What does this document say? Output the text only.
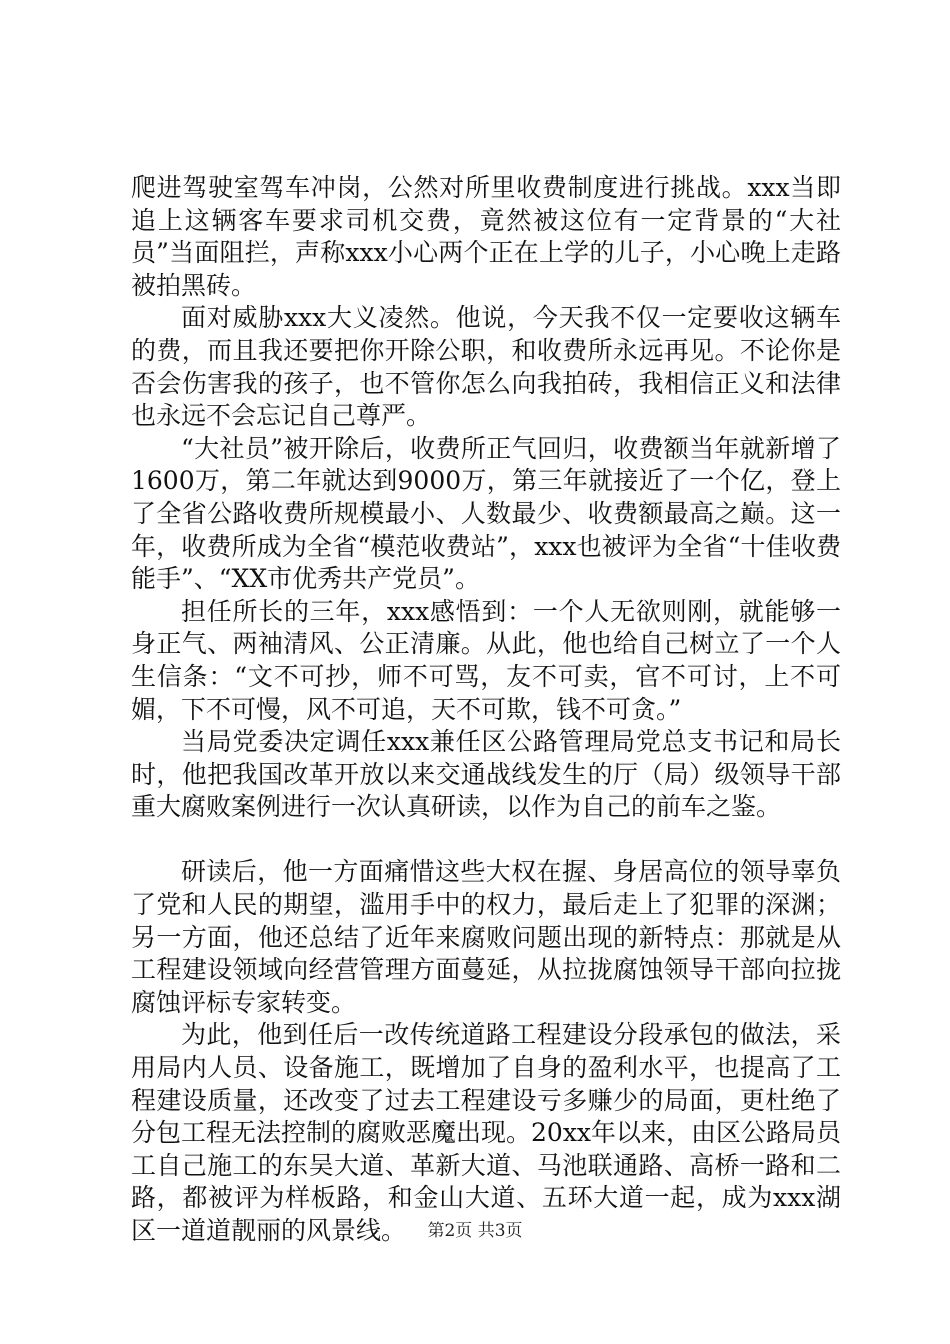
爬进驾驶室驾车冲岗，公然对所里收费制度进行挑战。xxx当即追上这辆客车要求司机交费，竟然被这位有一定背景的“大社员”当面阻拦，声称xxx小心两个正在上学的儿子，小心晚上走路被拍黑砖。

面对威胁xxx大义凌然。他说，今天我不仅一定要收这辆车的费，而且我还要把你开除公职，和收费所永远再见。不论你是否会伤害我的孩子，也不管你怎么向我拍砖，我相信正义和法律也永远不会忘记自己尊严。

“大社员”被开除后，收费所正气回归，收费额当年就新增了1600万，第二年就达到9000万，第三年就接近了一个亿，登上了全省公路收费所规模最小、人数最少、收费额最高之巅。这一年，收费所成为全省“模范收费站”，xxx也被评为全省“十佳收费能手”、“XX市优秀共产党员”。

担任所长的三年，xxx感悟到：一个人无欲则刚，就能够一身正气、两袖清风、公正清廉。从此，他也给自己树立了一个人生信条：“文不可抄，师不可骂，友不可卖，官不可讨，上不可媚，下不可慢，风不可追，天不可欺，钱不可贪。”

当局党委决定调任xxx兼任区公路管理局党总支书记和局长时，他把我国改革开放以来交通战线发生的厅（局）级领导干部重大腐败案例进行一次认真研读，以作为自己的前车之鉴。

研读后，他一方面痛惜这些大权在握、身居高位的领导辜负了党和人民的期望，滥用手中的权力，最后走上了犯罪的深渊；另一方面，他还总结了近年来腐败问题出现的新特点：那就是从工程建设领域向经营管理方面蔓延，从拉拢腐蚀领导干部向拉拢腐蚀评标专家转变。

为此，他到任后一改传统道路工程建设分段承包的做法，采用局内人员、设备施工，既增加了自身的盈利水平，也提高了工程建设质量，还改变了过去工程建设亏多赚少的局面，更杜绝了分包工程无法控制的腐败恶魔出现。20xx年以来，由区公路局员工自己施工的东吴大道、革新大道、马池联通路、高桥一路和二路，都被评为样板路，和金山大道、五环大道一起，成为xxx湖区一道道靓丽的风景线。	第2页 共3页
